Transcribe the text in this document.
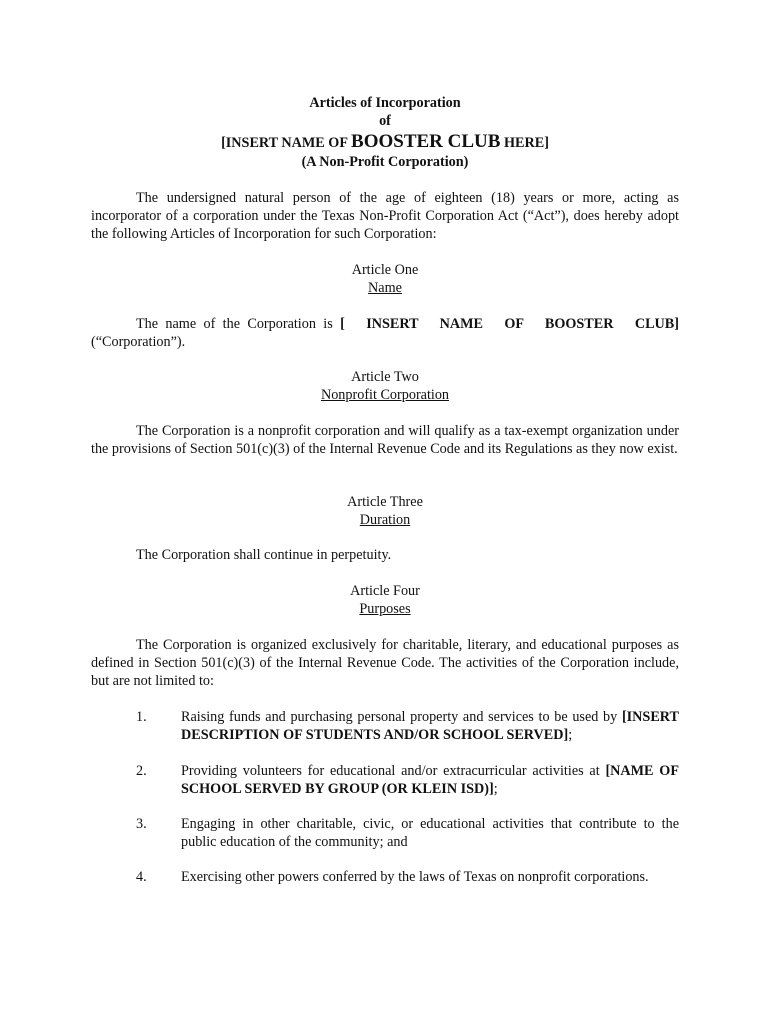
Articles of Incorporation
of
[INSERT NAME OF BOOSTER CLUB HERE]
(A Non-Profit Corporation)

The undersigned natural person of the age of eighteen (18) years or more, acting as incorporator of a corporation under the Texas Non-Profit Corporation Act (“Act”), does hereby adopt the following Articles of Incorporation for such Corporation:

Article One
Name

The name of the Corporation is [ INSERT NAME OF BOOSTER CLUB]

(“Corporation”).

Article Two
Nonprofit Corporation

The Corporation is a nonprofit corporation and will qualify as a tax-exempt organization under the provisions of Section 501(c)(3) of the Internal Revenue Code and its Regulations as they now exist.

Article Three
Duration

The Corporation shall continue in perpetuity.

Article Four
Purposes

The Corporation is organized exclusively for charitable, literary, and educational purposes as defined in Section 501(c)(3) of the Internal Revenue Code. The activities of the Corporation include, but are not limited to:

1.	Raising funds and purchasing personal property and services to be used by [INSERT DESCRIPTION OF STUDENTS AND/OR SCHOOL SERVED];

2.	Providing volunteers for educational and/or extracurricular activities at [NAME OF SCHOOL SERVED BY GROUP (OR KLEIN ISD)];

3.	Engaging in other charitable, civic, or educational activities that contribute to the public education of the community; and

4.	Exercising other powers conferred by the laws of Texas on nonprofit corporations.
